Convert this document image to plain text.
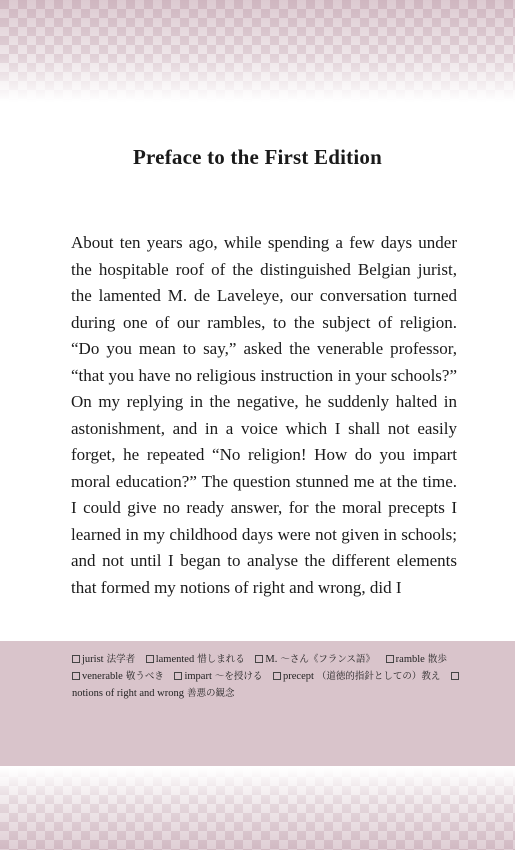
Preface to the First Edition

About ten years ago, while spending a few days under the hospitable roof of the distinguished Belgian jurist, the lamented M. de Laveleye, our conversation turned during one of our rambles, to the subject of religion. “Do you mean to say,” asked the venerable professor, “that you have no religious instruction in your schools?” On my replying in the negative, he suddenly halted in astonishment, and in a voice which I shall not easily forget, he repeated “No religion! How do you impart moral education?” The question stunned me at the time. I could give no ready answer, for the moral precepts I learned in my childhood days were not given in schools; and not until I began to analyse the different elements that formed my notions of right and wrong, did I

jurist 法学者 lamented 惜しまれる M. ～さん《フランス語》 ramble 散歩 venerable 敬うべき impart ～を授ける precept （道徳的指針としての）教え notions of right and wrong 善悪の観念
